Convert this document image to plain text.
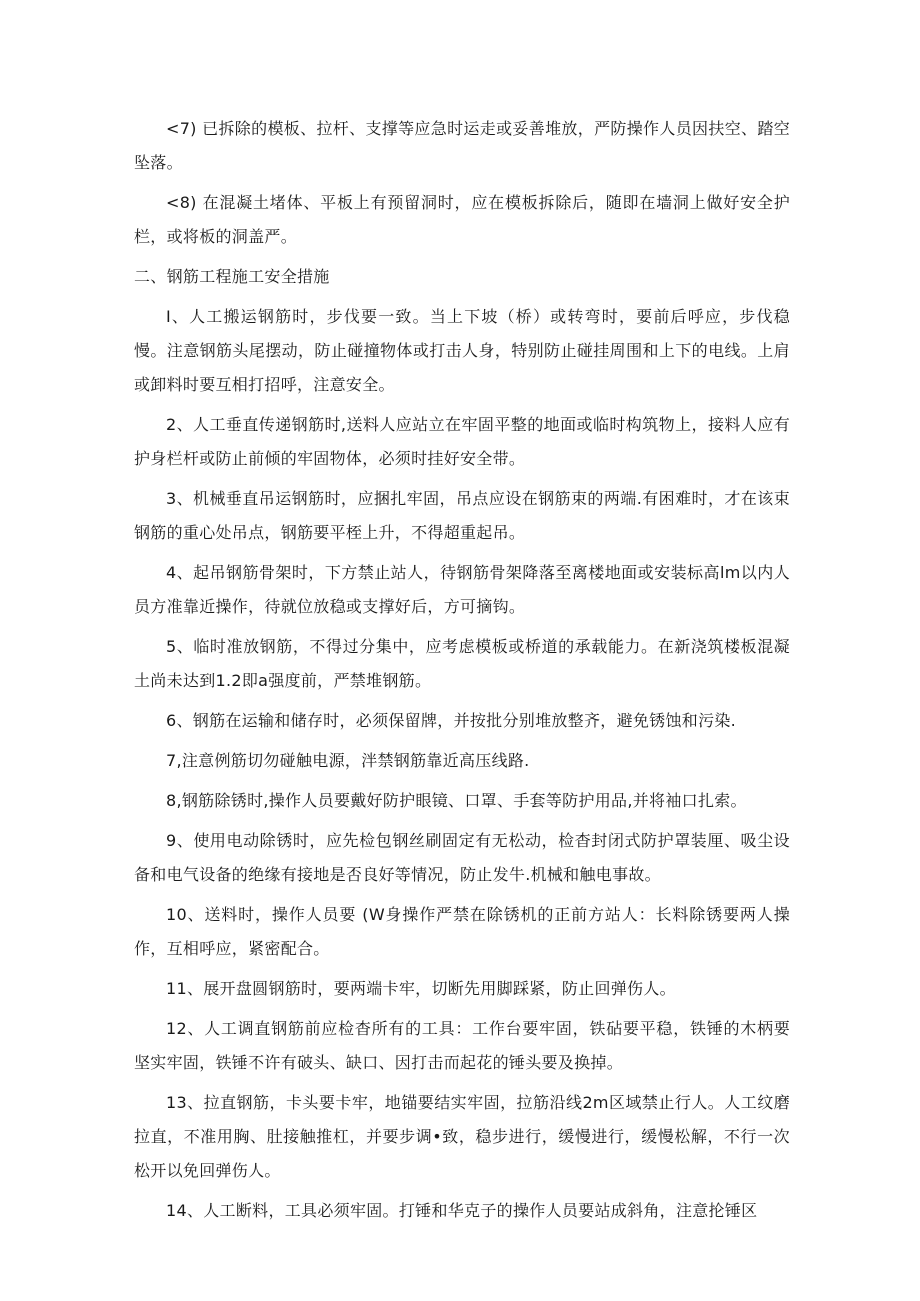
<7) 已拆除的模板、拉杆、支撑等应急时运走或妥善堆放，严防操作人员因扶空、踏空坠落。

<8) 在混凝土堵体、平板上有预留洞时，应在模板拆除后，随即在墙洞上做好安全护栏，或将板的洞盖严。

二、钢筋工程施工安全措施

I、人工搬运钢筋时，步伐要一致。当上下坡（桥）或转弯时，要前后呼应，步伐稳慢。注意钢筋头尾摆动，防止碰撞物体或打击人身，特别防止碰挂周围和上下的电线。上肩或卸料时要互相打招呼，注意安全。

2、人工垂直传递钢筋时,送料人应站立在牢固平整的地面或临时构筑物上，接料人应有护身栏杆或防止前倾的牢固物体，必须时挂好安全带。

3、机械垂直吊运钢筋时，应捆扎牢固，吊点应设在钢筋束的两端.有困难时，才在该束钢筋的重心处吊点，钢筋要平桎上升，不得超重起吊。

4、起吊钢筋骨架时，下方禁止站人，待钢筋骨架降落至离楼地面或安装标高lm以内人员方准靠近操作，待就位放稳或支撑好后，方可摘钩。

5、临时准放钢筋，不得过分集中，应考虑模板或桥道的承载能力。在新浇筑楼板混凝土尚未达到1.2即a强度前，严禁堆钢筋。

6、钢筋在运输和储存时，必须保留牌，并按批分别堆放整齐，避免锈蚀和污染.

7,注意例筋切勿碰触电源，泮禁钢筋靠近高压线路.

8,钢筋除锈时,操作人员要戴好防护眼镜、口罩、手套等防护用品,并将袖口扎索。

9、使用电动除锈时，应先检包钢丝刷固定有无松动，检杳封闭式防护罩装厘、吸尘设备和电气设备的绝缘有接地是否良好等情况，防止发牛.机械和触电事故。

10、送料时，操作人员要 (W身操作严禁在除锈机的正前方站人：长料除锈要两人操作，互相呼应，紧密配合。

11、展开盘圆钢筋时，要两端卡牢，切断先用脚踩紧，防止回弹伤人。

12、人工调直钢筋前应检杳所有的工具：工作台要牢固，铁砧要平稳，铁锤的木柄要坚实牢固，铁锤不许有破头、缺口、因打击而起花的锤头要及换掉。

13、拉直钢筋，卡头要卡牢，地锚要结实牢固，拉筋沿线2m区域禁止行人。人工纹磨拉直，不准用胸、肚接触推杠，并要步调•致，稳步进行，缓慢进行，缓慢松解，不行一次松开以免回弹伤人。

14、人工断料，工具必须牢固。打锤和华克子的操作人员要站成斜角，注意抡锤区
